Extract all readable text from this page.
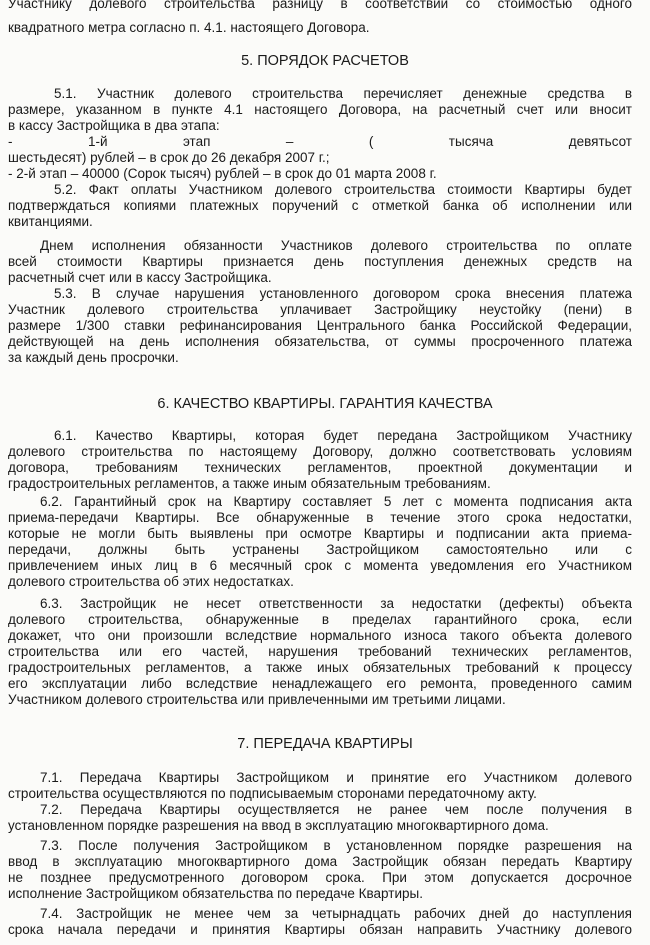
Участнику долевого строительства разницу в соответствии со стоимостью одного
квадратного метра согласно п. 4.1. настоящего Договора.
5. ПОРЯДОК РАСЧЕТОВ
5.1. Участник долевого строительства перечисляет денежные средства в
размере, указанном в пункте 4.1 настоящего Договора, на расчетный счет или вносит
в кассу Застройщика в два этапа:
- 1-й этап – ( тысяча девятьсот
шестьдесят) рублей – в срок до 26 декабря 2007 г.;
- 2-й этап – 40000 (Сорок тысяч) рублей – в срок до 01 марта 2008 г.
5.2. Факт оплаты Участником долевого строительства стоимости Квартиры будет
подтверждаться копиями платежных поручений с отметкой банка об исполнении или
квитанциями.
Днем исполнения обязанности Участников долевого строительства по оплате
всей стоимости Квартиры признается день поступления денежных средств на
расчетный счет или в кассу Застройщика.
5.3. В случае нарушения установленного договором срока внесения платежа
Участник долевого строительства уплачивает Застройщику неустойку (пени) в
размере 1/300 ставки рефинансирования Центрального банка Российской Федерации,
действующей на день исполнения обязательства, от суммы просроченного платежа
за каждый день просрочки.
6. КАЧЕСТВО КВАРТИРЫ. ГАРАНТИЯ КАЧЕСТВА
6.1. Качество Квартиры, которая будет передана Застройщиком Участнику
долевого строительства по настоящему Договору, должно соответствовать условиям
договора, требованиям технических регламентов, проектной документации и
градостроительных регламентов, а также иным обязательным требованиям.
6.2. Гарантийный срок на Квартиру составляет 5 лет с момента подписания акта
приема-передачи Квартиры. Все обнаруженные в течение этого срока недостатки,
которые не могли быть выявлены при осмотре Квартиры и подписании акта приема-
передачи, должны быть устранены Застройщиком самостоятельно или с
привлечением иных лиц в 6 месячный срок с момента уведомления его Участником
долевого строительства об этих недостатках.
6.3. Застройщик не несет ответственности за недостатки (дефекты) объекта
долевого строительства, обнаруженные в пределах гарантийного срока, если
докажет, что они произошли вследствие нормального износа такого объекта долевого
строительства или его частей, нарушения требований технических регламентов,
градостроительных регламентов, а также иных обязательных требований к процессу
его эксплуатации либо вследствие ненадлежащего его ремонта, проведенного самим
Участником долевого строительства или привлеченными им третьими лицами.
7. ПЕРЕДАЧА КВАРТИРЫ
7.1. Передача Квартиры Застройщиком и принятие его Участником долевого
строительства осуществляются по подписываемым сторонами передаточному акту.
7.2. Передача Квартиры осуществляется не ранее чем после получения в
установленном порядке разрешения на ввод в эксплуатацию многоквартирного дома.
7.3. После получения Застройщиком в установленном порядке разрешения на
ввод в эксплуатацию многоквартирного дома Застройщик обязан передать Квартиру
не позднее предусмотренного договором срока. При этом допускается досрочное
исполнение Застройщиком обязательства по передаче Квартиры.
7.4. Застройщик не менее чем за четырнадцать рабочих дней до наступления
срока начала передачи и принятия Квартиры обязан направить Участнику долевого
